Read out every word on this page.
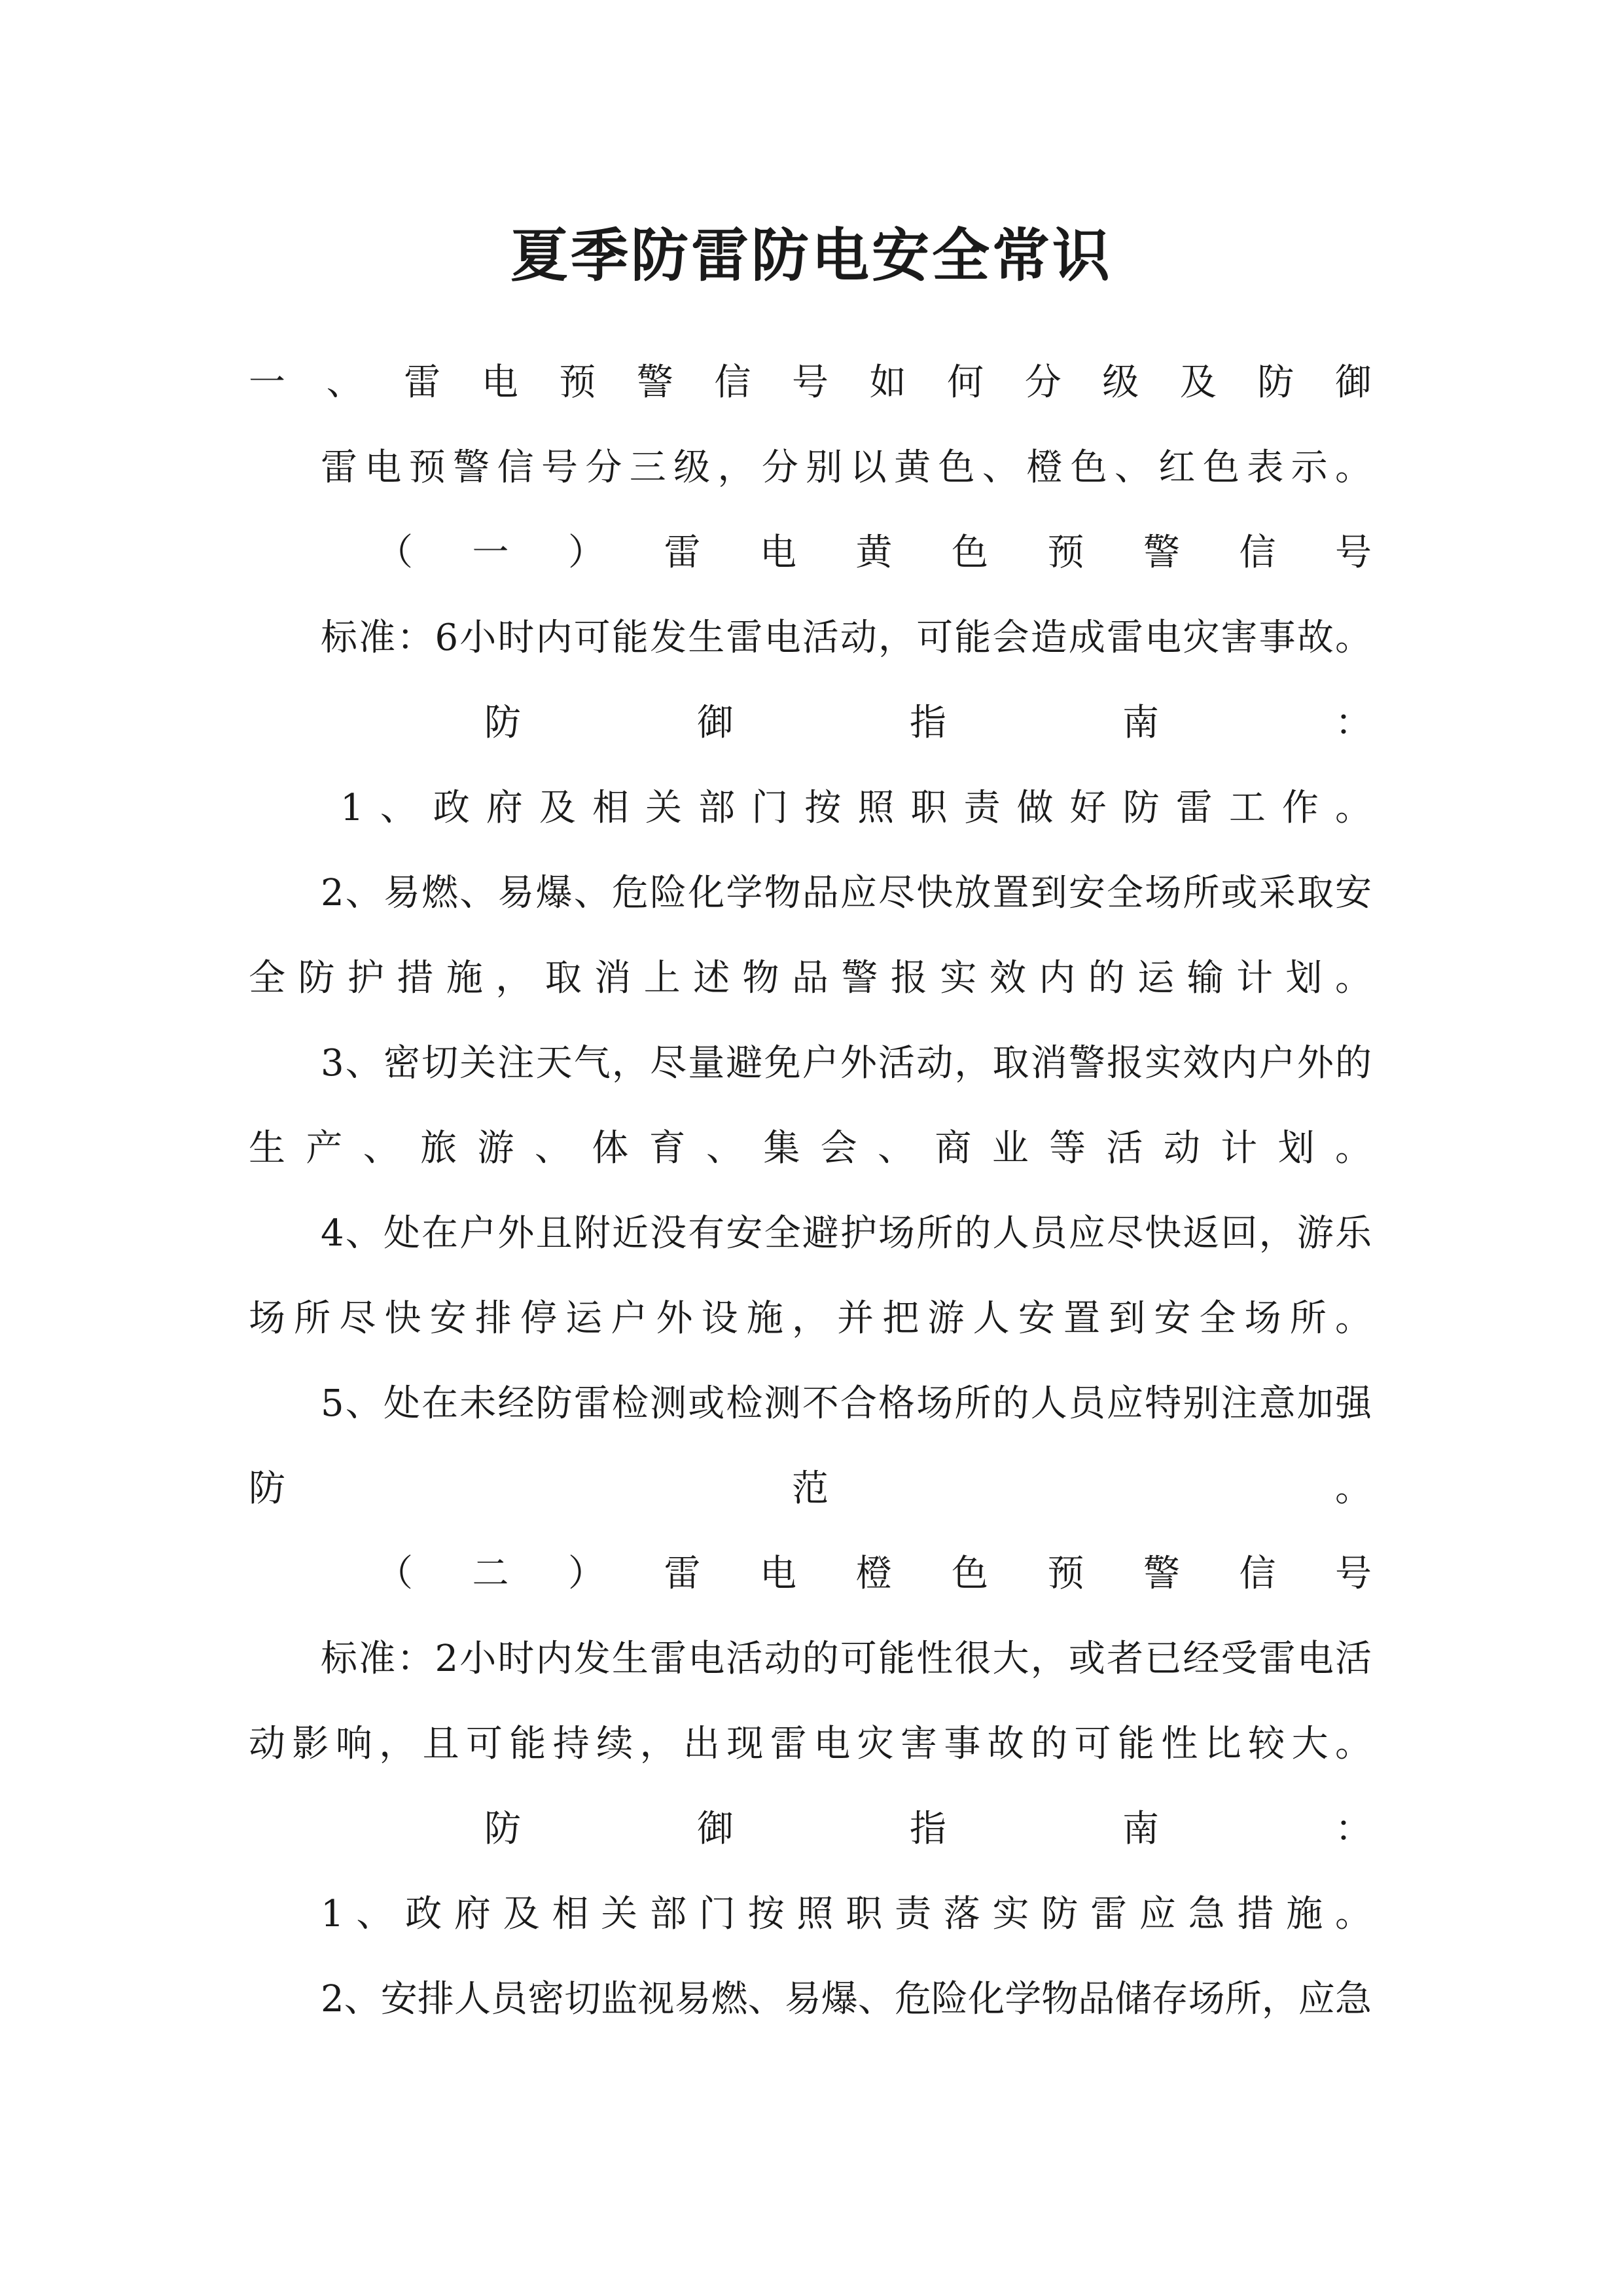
夏季防雷防电安全常识

一、雷电预警信号如何分级及防御

雷电预警信号分三级，分别以黄色、橙色、红色表示。

（一）雷电黄色预警信号

标准：6小时内可能发生雷电活动，可能会造成雷电灾害事故。

防御指南：

1、政府及相关部门按照职责做好防雷工作。

2、易燃、易爆、危险化学物品应尽快放置到安全场所或采取安

全防护措施，取消上述物品警报实效内的运输计划。

3、密切关注天气，尽量避免户外活动，取消警报实效内户外的

生产、旅游、体育、集会、商业等活动计划。

4、处在户外且附近没有安全避护场所的人员应尽快返回，游乐

场所尽快安排停运户外设施，并把游人安置到安全场所。

5、处在未经防雷检测或检测不合格场所的人员应特别注意加强

防范。

（二）雷电橙色预警信号

标准：2小时内发生雷电活动的可能性很大，或者已经受雷电活

动影响，且可能持续，出现雷电灾害事故的可能性比较大。

防御指南：

1、政府及相关部门按照职责落实防雷应急措施。

2、安排人员密切监视易燃、易爆、危险化学物品储存场所，应急
